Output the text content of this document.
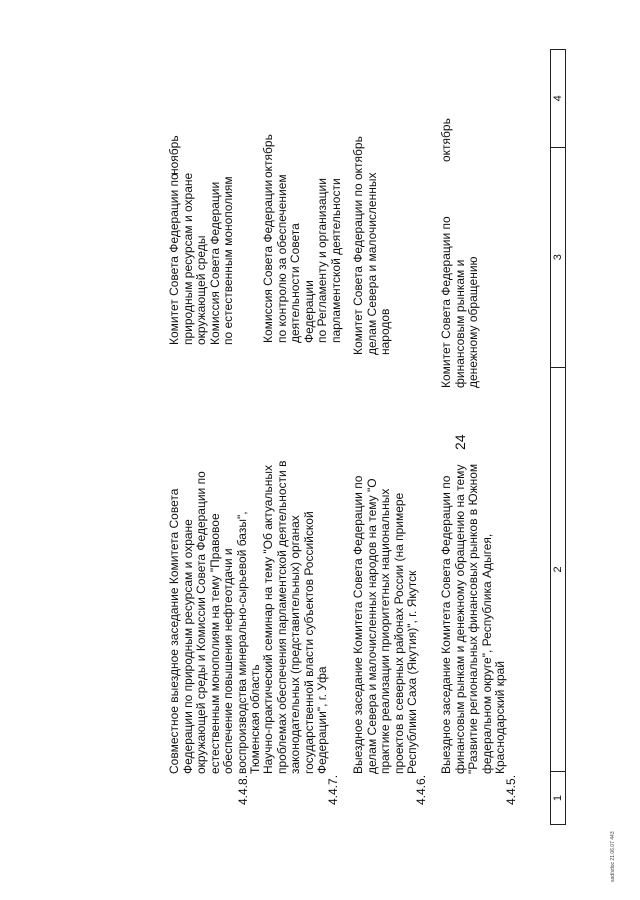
24
sad/sdoc 21.06.07 443
1
2
3
4
4.4.5.
Выездное заседание Комитета Совета Федерации по финансовым рынкам и денежному обращению на тему "Развитие региональных финансовых рынков в Южном федеральном округе", Республика Адыгея, Краснодарский край
Комитет Совета Федерации по финансовым рынкам и денежному обращению
октябрь
4.4.6.
Выездное заседание Комитета Совета Федерации по делам Севера и малочисленных народов на тему "О практике реализации приоритетных национальных проектов в северных районах России (на примере Республики Саха (Якутия)", г. Якутск
Комитет Совета Федерации по делам Севера и малочисленных народов
октябрь
4.4.7.
Научно-практический семинар на тему "Об актуальных проблемах обеспечения парламентской деятельности в законодательных (представительных) органах государственной власти субъектов Российской Федерации", г. Уфа
Комиссия Совета Федерации по контролю за обеспечением деятельности Совета Федерации по Регламенту и организации парламентской деятельности
октябрь
4.4.8.
Совместное выездное заседание Комитета Совета Федерации по природным ресурсам и охране окружающей среды и Комиссии Совета Федерации по естественным монополиям на тему "Правовое обеспечение повышения нефтеотдачи и воспроизводства минерально-сырьевой базы", Тюменская область
Комитет Совета Федерации по природным ресурсам и охране окружающей среды Комиссия Совета Федерации по естественным монополиям
ноябрь
